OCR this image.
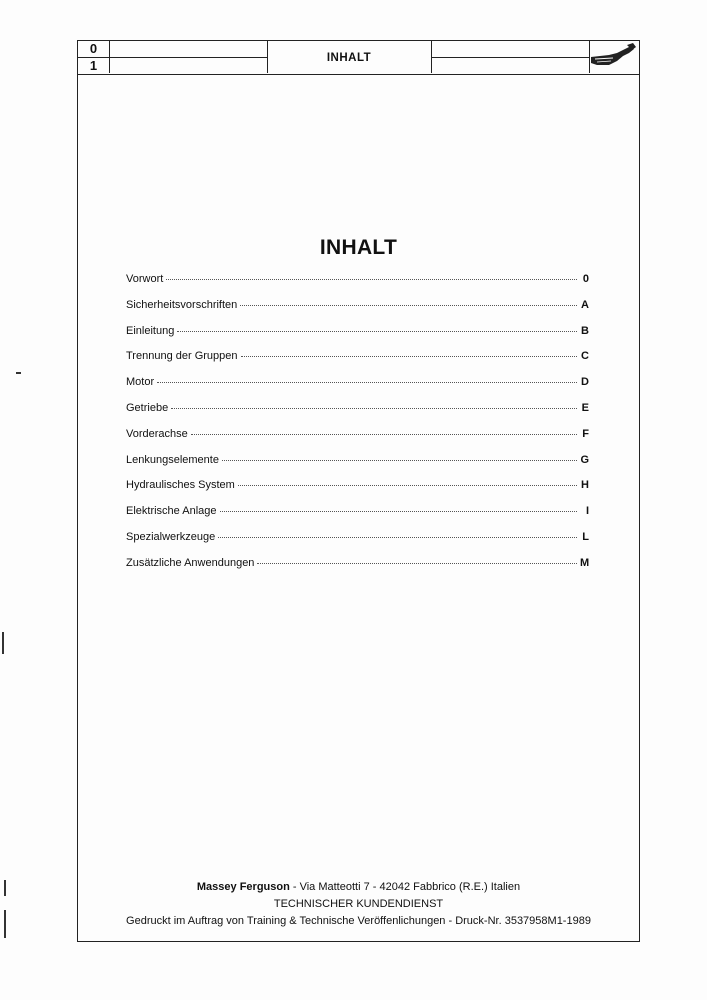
0
1	INHALT
INHALT
Vorwort	0
Sicherheitsvorschriften	A
Einleitung	B
Trennung der Gruppen	C
Motor	D
Getriebe	E
Vorderachse	F
Lenkungselemente	G
Hydraulisches System	H
Elektrische Anlage	I
Spezialwerkzeuge	L
Zusätzliche Anwendungen	M
Massey Ferguson - Via Matteotti 7 - 42042 Fabbrico (R.E.) Italien
TECHNISCHER KUNDENDIENST
Gedruckt im Auftrag von Training & Technische Veröffenlichungen - Druck-Nr. 3537958M1-1989
